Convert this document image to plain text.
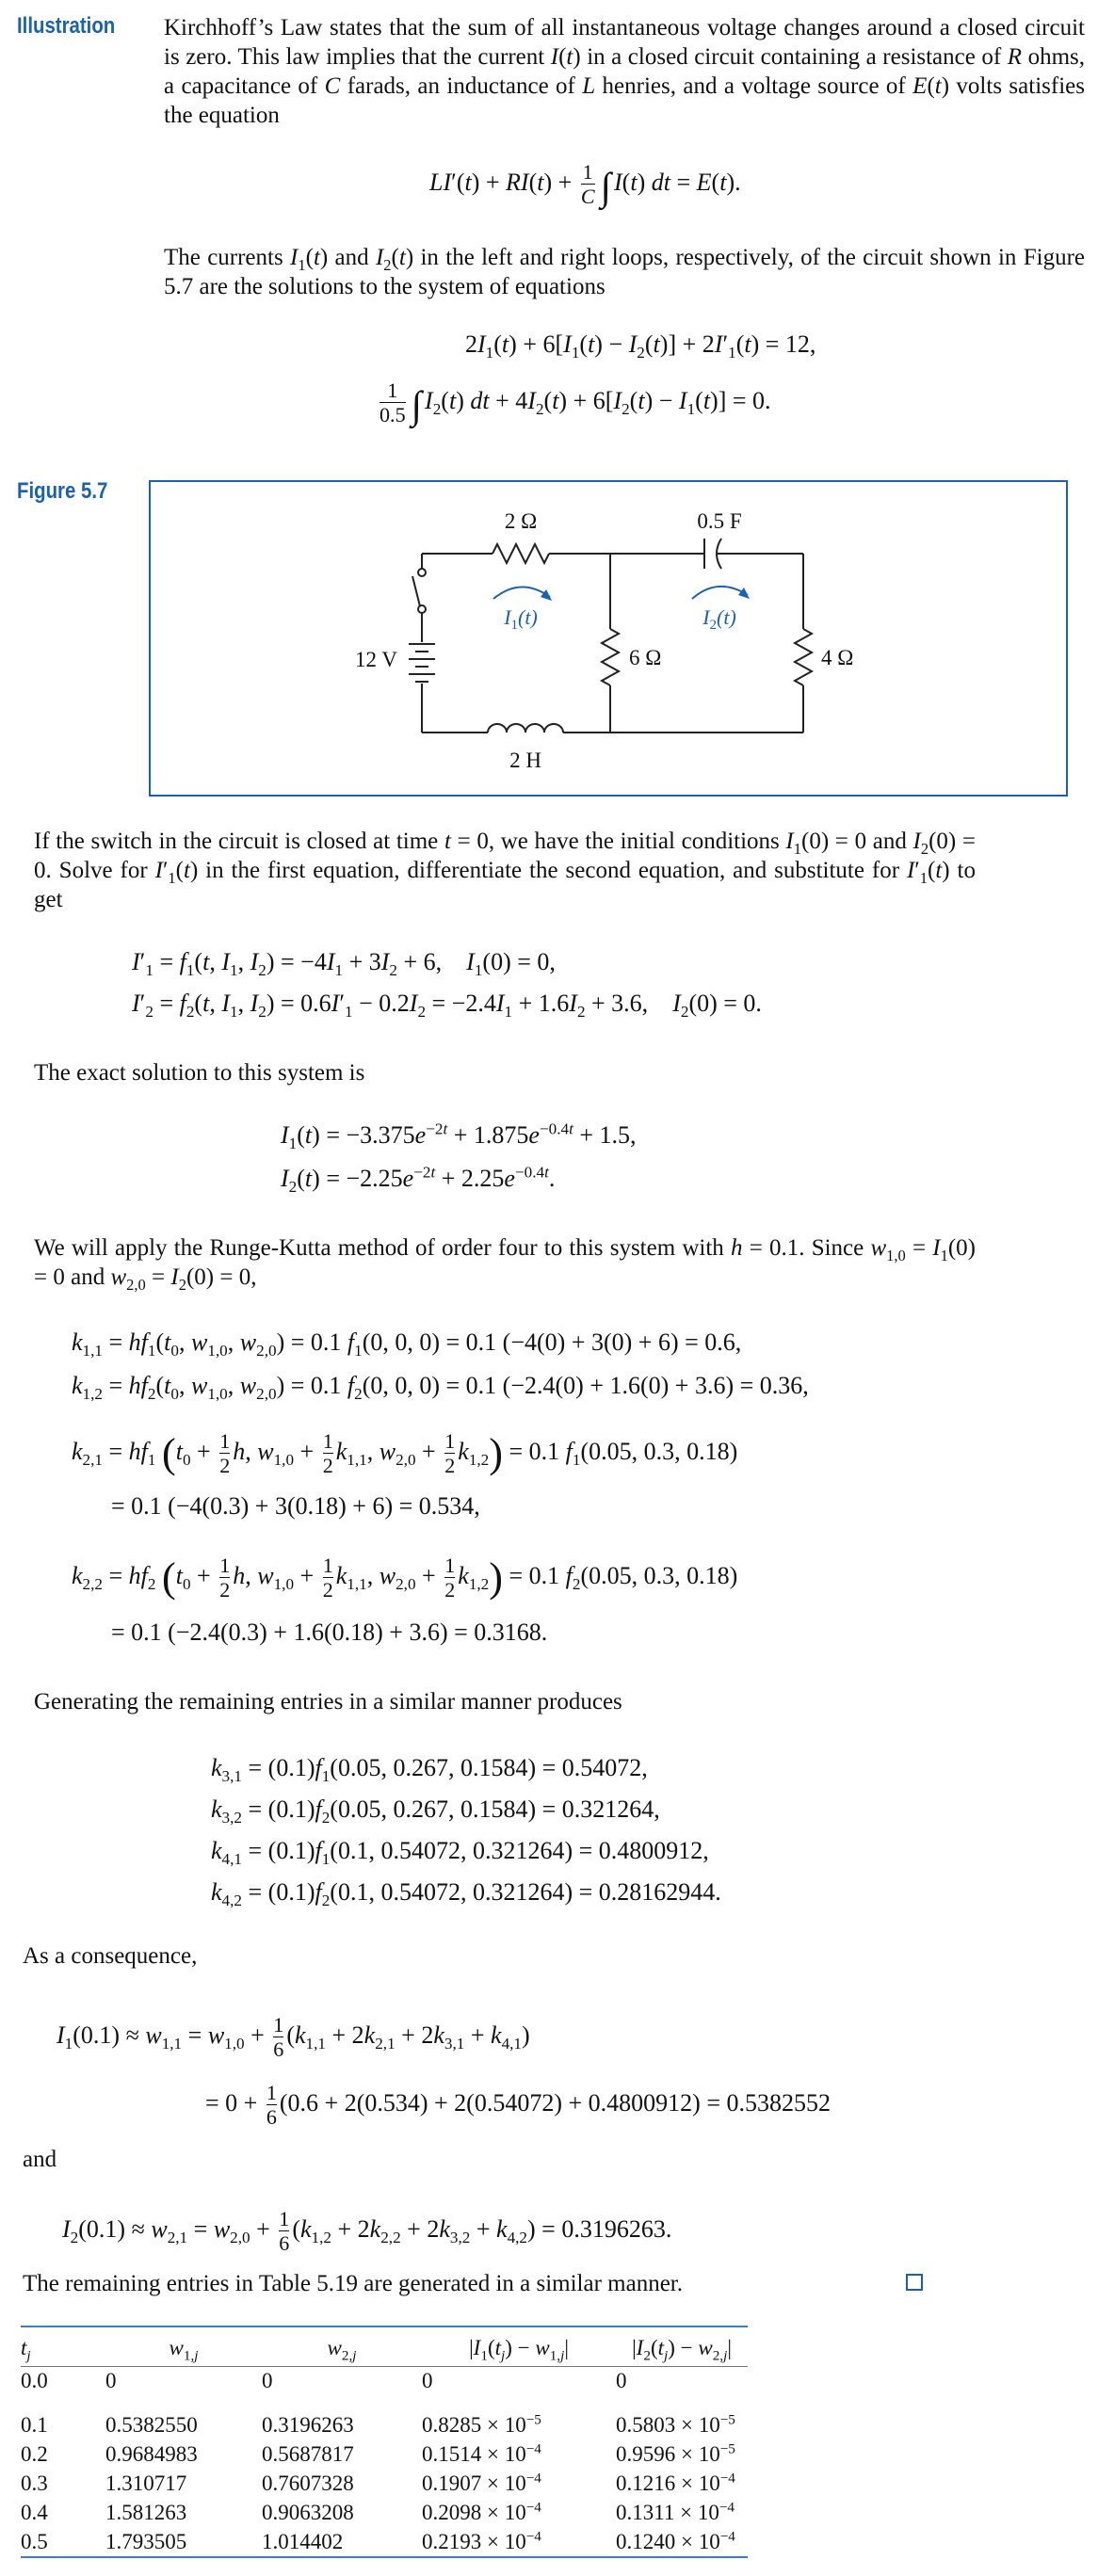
Illustration
Figure 5.7
Kirchhoff’s Law states that the sum of all instantaneous voltage changes around a closed circuit is zero. This law implies that the current I(t) in a closed circuit containing a resistance of R ohms, a capacitance of C farads, an inductance of L henries, and a voltage source of E(t) volts satisfies the equation
$LI'(t) + RI(t) + \frac{1}{C}$ ∫ I(t) dt = E(t).
The currents $I_1(t)$ and $I_2(t)$ in the left and right loops, respectively, of the circuit shown in Figure 5.7 are the solutions to the system of equations
$2I_1(t) + 6[I_1(t) - I_2(t)] + 2I'_1(t) = 12$,
$\frac{1}{0.5}$ ∫ $I_2(t)$ dt + $4I_2(t) + 6[I_2(t) - I_1(t)] = 0$.
2 Ω	0.5 F
12 V	6 Ω	4 Ω
2 H
$I_1(t)$	$I_2(t)$
If the switch in the circuit is closed at time t = 0, we have the initial conditions $I_1(0) = 0$ and $I_2(0) = 0$. Solve for $I'_1(t)$ in the first equation, differentiate the second equation, and substitute for $I'_1(t)$ to get
$I'_1 = f_1(t$, $I_1$, $I_2) = -4I_1 + 3I_2 + 6$,    $I_1(0) = 0$,
$I'_2 = f_2(t$, $I_1$, $I_2) = 0.6I'_1 - 0.2I_2 = -2.4I_1 + 1.6I_2 + 3.6$,    $I_2(0) = 0$.
The exact solution to this system is
$I_1(t) = -3.375e^{-2t} + 1.875e^{-0.4t} + 1.5$,
$I_2(t) = -2.25e^{-2t} + 2.25e^{-0.4t}$.
We will apply the Runge-Kutta method of order four to this system with h = 0.1. Since $w_{1,0} = I_1(0) = 0$ and $w_{2,0} = I_2(0) = 0$,
$k_{1,1} = hf_1(t_0$, $w_{1,0}$, $w_{2,0}) = 0.1$ $f_1(0$, 0, 0) = 0.1 (−4(0) + 3(0) + 6) = 0.6,
$k_{1,2} = hf_2(t_0$, $w_{1,0}$, $w_{2,0}) = 0.1$ $f_2(0$, 0, 0) = 0.1 (−2.4(0) + 1.6(0) + 3.6) = 0.36,
$k_{2,1} = hf_1$ ($t_0 + \frac{1}{2} h$, $w_{1,0} + \frac{1}{2} k_{1,1}$, $w_{2,0} + \frac{1}{2} k_{1,2}) = 0.1$ $f_1(0.05$, 0.3, 0.18)
= 0.1 (−4(0.3) + 3(0.18) + 6) = 0.534,
$k_{2,2} = hf_2$ ($t_0 + \frac{1}{2} h$, $w_{1,0} + \frac{1}{2} k_{1,1}$, $w_{2,0} + \frac{1}{2} k_{1,2}) = 0.1$ $f_2(0.05$, 0.3, 0.18)
= 0.1 (−2.4(0.3) + 1.6(0.18) + 3.6) = 0.3168.
Generating the remaining entries in a similar manner produces
$k_{3,1} = (0.1)f_1(0.05$, 0.267, 0.1584) = 0.54072,
$k_{3,2} = (0.1)f_2(0.05$, 0.267, 0.1584) = 0.321264,
$k_{4,1} = (0.1)f_1(0.1$, 0.54072, 0.321264) = 0.4800912,
$k_{4,2} = (0.1)f_2(0.1$, 0.54072, 0.321264) = 0.28162944.
As a consequence,
$I_1(0.1) \approx w_{1,1} = w_{1,0} + \frac{1}{6} (k_{1,1} + 2k_{2,1} + 2k_{3,1} + k_{4,1})$
= $0 + \frac{1}{6} (0.6 + 2(0.534) + 2(0.54072) + 0.4800912) = 0.5382552$
and
$I_2(0.1) \approx w_{2,1} = w_{2,0} + \frac{1}{6} (k_{1,2} + 2k_{2,2} + 2k_{3,2} + k_{4,2}) = 0.3196263$.
The remaining entries in Table 5.19 are generated in a similar manner.
$t_j$	$w_{1,j}$	$w_{2,j}$	$|I_1(t_j) - w_{1,j}|$	$|I_2(t_j) - w_{2,j}|$
0.0	0	0	0	0
0.1	0.5382550	0.3196263	$0.8285 \times 10^{-5}$	$0.5803 \times 10^{-5}$
0.2	0.9684983	0.5687817	$0.1514 \times 10^{-4}$	$0.9596 \times 10^{-5}$
0.3	1.310717	0.7607328	$0.1907 \times 10^{-4}$	$0.1216 \times 10^{-4}$
0.4	1.581263	0.9063208	$0.2098 \times 10^{-4}$	$0.1311 \times 10^{-4}$
0.5	1.793505	1.014402	$0.2193 \times 10^{-4}$	$0.1240 \times 10^{-4}$
